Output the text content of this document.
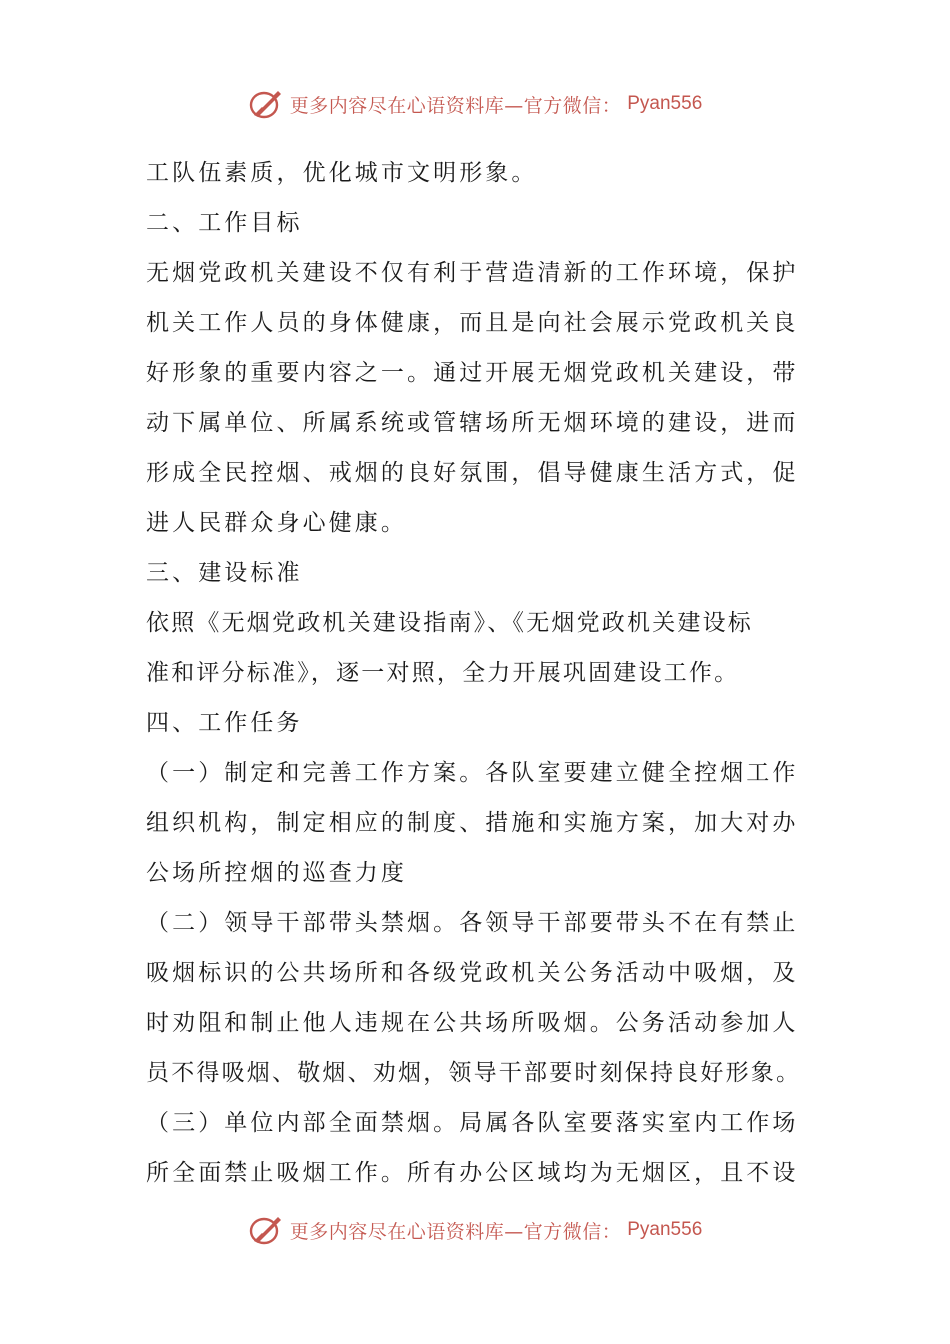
更多内容尽在心语资料库—官方微信： Pyan556
工队伍素质，优化城市文明形象。
二、工作目标
无烟党政机关建设不仅有利于营造清新的工作环境，保护
机关工作人员的身体健康，而且是向社会展示党政机关良
好形象的重要内容之一。通过开展无烟党政机关建设，带
动下属单位、所属系统或管辖场所无烟环境的建设，进而
形成全民控烟、戒烟的良好氛围，倡导健康生活方式，促
进人民群众身心健康。
三、建设标准
依照《无烟党政机关建设指南》、《无烟党政机关建设标
准和评分标准》，逐一对照，全力开展巩固建设工作。
四、工作任务
（一）制定和完善工作方案。各队室要建立健全控烟工作
组织机构，制定相应的制度、措施和实施方案，加大对办
公场所控烟的巡查力度
（二）领导干部带头禁烟。各领导干部要带头不在有禁止
吸烟标识的公共场所和各级党政机关公务活动中吸烟，及
时劝阻和制止他人违规在公共场所吸烟。公务活动参加人
员不得吸烟、敬烟、劝烟，领导干部要时刻保持良好形象。
（三）单位内部全面禁烟。局属各队室要落实室内工作场
所全面禁止吸烟工作。所有办公区域均为无烟区，且不设
更多内容尽在心语资料库—官方微信： Pyan556
